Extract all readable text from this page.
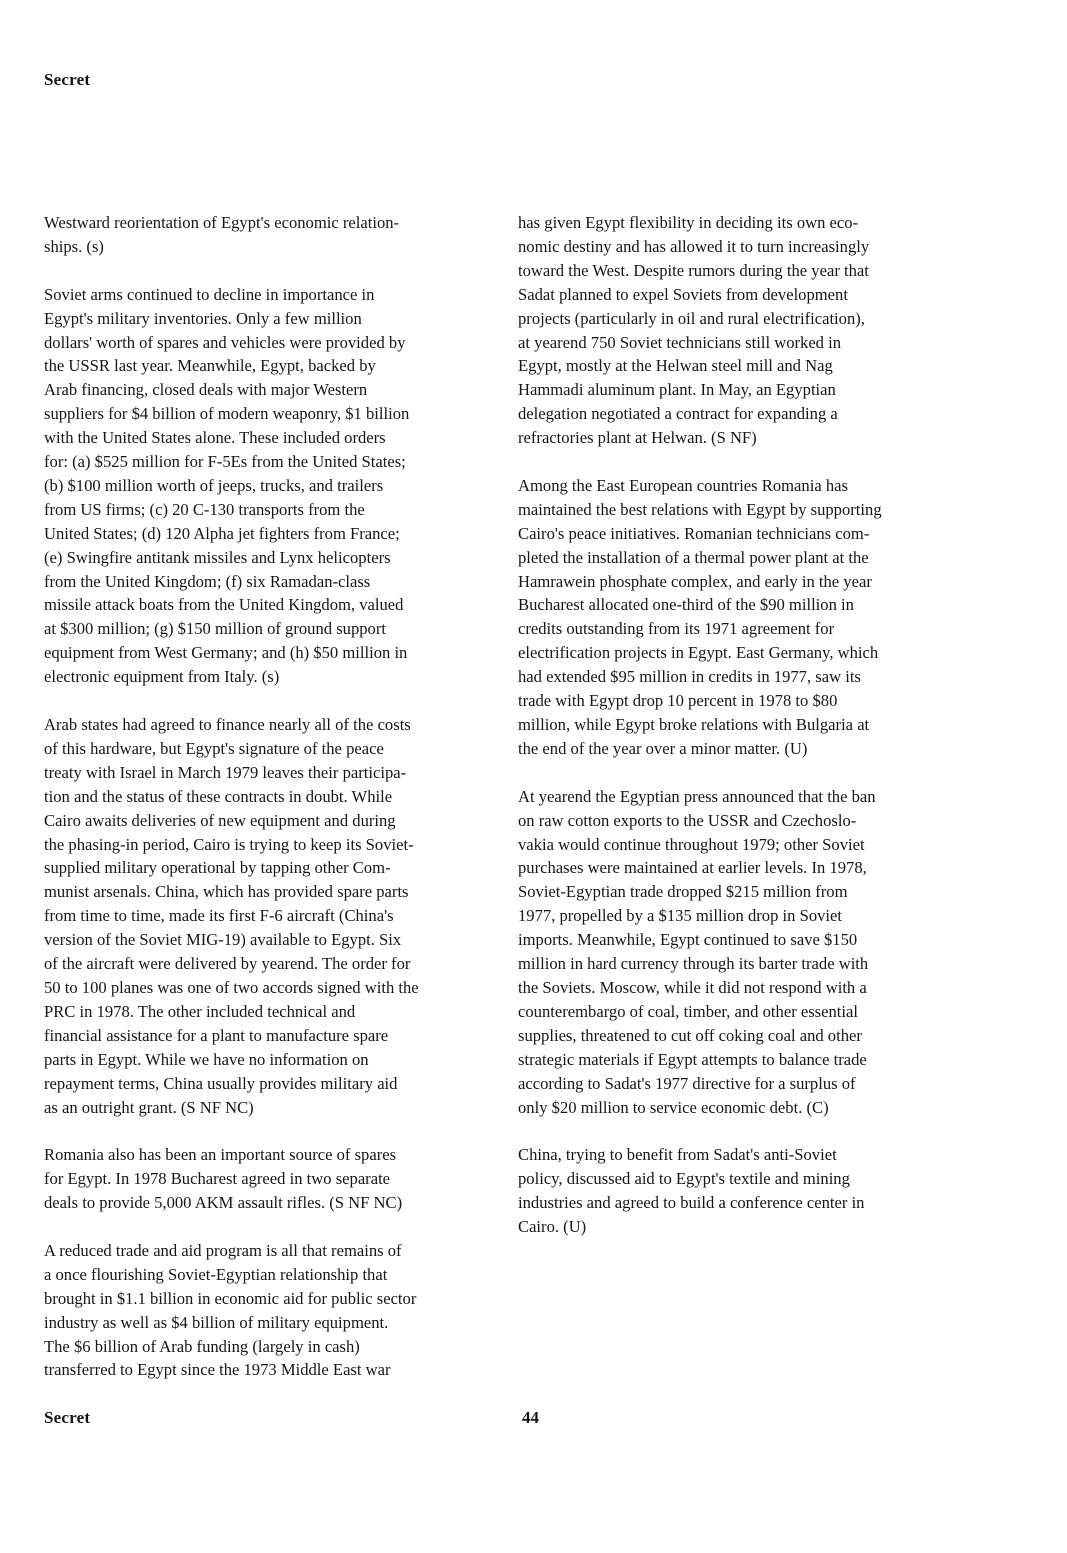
Secret

Westward reorientation of Egypt's economic relation-
ships. (s)

Soviet arms continued to decline in importance in
Egypt's military inventories. Only a few million
dollars' worth of spares and vehicles were provided by
the USSR last year. Meanwhile, Egypt, backed by
Arab financing, closed deals with major Western
suppliers for $4 billion of modern weaponry, $1 billion
with the United States alone. These included orders
for: (a) $525 million for F-5Es from the United States;
(b) $100 million worth of jeeps, trucks, and trailers
from US firms; (c) 20 C-130 transports from the
United States; (d) 120 Alpha jet fighters from France;
(e) Swingfire antitank missiles and Lynx helicopters
from the United Kingdom; (f) six Ramadan-class
missile attack boats from the United Kingdom, valued
at $300 million; (g) $150 million of ground support
equipment from West Germany; and (h) $50 million in
electronic equipment from Italy. (s)

Arab states had agreed to finance nearly all of the costs
of this hardware, but Egypt's signature of the peace
treaty with Israel in March 1979 leaves their participa-
tion and the status of these contracts in doubt. While
Cairo awaits deliveries of new equipment and during
the phasing-in period, Cairo is trying to keep its Soviet-
supplied military operational by tapping other Com-
munist arsenals. China, which has provided spare parts
from time to time, made its first F-6 aircraft (China's
version of the Soviet MIG-19) available to Egypt. Six
of the aircraft were delivered by yearend. The order for
50 to 100 planes was one of two accords signed with the
PRC in 1978. The other included technical and
financial assistance for a plant to manufacture spare
parts in Egypt. While we have no information on
repayment terms, China usually provides military aid
as an outright grant. (S NF NC)

Romania also has been an important source of spares
for Egypt. In 1978 Bucharest agreed in two separate
deals to provide 5,000 AKM assault rifles. (S NF NC)

A reduced trade and aid program is all that remains of
a once flourishing Soviet-Egyptian relationship that
brought in $1.1 billion in economic aid for public sector
industry as well as $4 billion of military equipment.
The $6 billion of Arab funding (largely in cash)
transferred to Egypt since the 1973 Middle East war

has given Egypt flexibility in deciding its own eco-
nomic destiny and has allowed it to turn increasingly
toward the West. Despite rumors during the year that
Sadat planned to expel Soviets from development
projects (particularly in oil and rural electrification),
at yearend 750 Soviet technicians still worked in
Egypt, mostly at the Helwan steel mill and Nag
Hammadi aluminum plant. In May, an Egyptian
delegation negotiated a contract for expanding a
refractories plant at Helwan. (S NF)

Among the East European countries Romania has
maintained the best relations with Egypt by supporting
Cairo's peace initiatives. Romanian technicians com-
pleted the installation of a thermal power plant at the
Hamrawein phosphate complex, and early in the year
Bucharest allocated one-third of the $90 million in
credits outstanding from its 1971 agreement for
electrification projects in Egypt. East Germany, which
had extended $95 million in credits in 1977, saw its
trade with Egypt drop 10 percent in 1978 to $80
million, while Egypt broke relations with Bulgaria at
the end of the year over a minor matter. (U)

At yearend the Egyptian press announced that the ban
on raw cotton exports to the USSR and Czechoslo-
vakia would continue throughout 1979; other Soviet
purchases were maintained at earlier levels. In 1978,
Soviet-Egyptian trade dropped $215 million from
1977, propelled by a $135 million drop in Soviet
imports. Meanwhile, Egypt continued to save $150
million in hard currency through its barter trade with
the Soviets. Moscow, while it did not respond with a
counterembargo of coal, timber, and other essential
supplies, threatened to cut off coking coal and other
strategic materials if Egypt attempts to balance trade
according to Sadat's 1977 directive for a surplus of
only $20 million to service economic debt. (C)

China, trying to benefit from Sadat's anti-Soviet
policy, discussed aid to Egypt's textile and mining
industries and agreed to build a conference center in
Cairo. (U)

Secret	44
